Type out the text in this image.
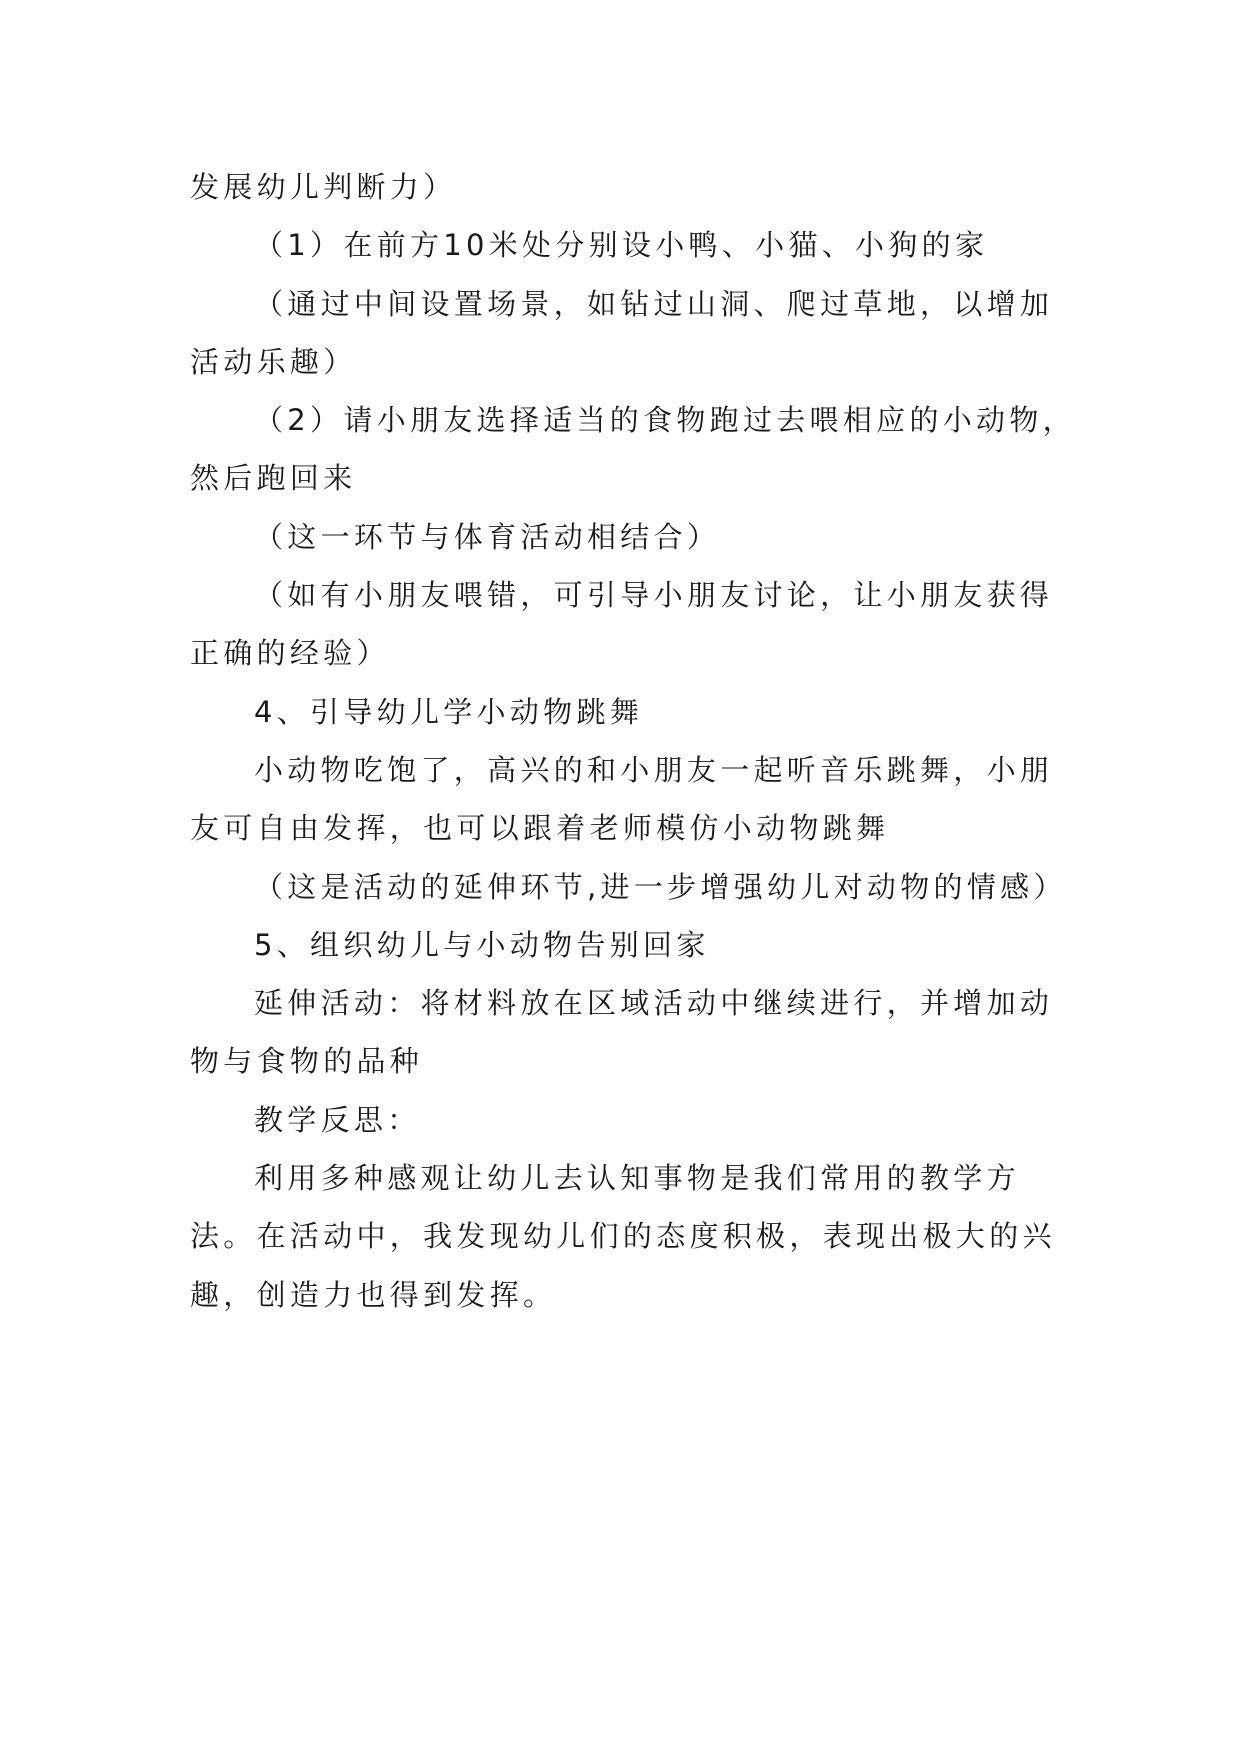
发展幼儿判断力）
（1）在前方10米处分别设小鸭、小猫、小狗的家
（通过中间设置场景，如钻过山洞、爬过草地，以增加
活动乐趣）
（2）请小朋友选择适当的食物跑过去喂相应的小动物，
然后跑回来
（这一环节与体育活动相结合）
（如有小朋友喂错，可引导小朋友讨论，让小朋友获得
正确的经验）
4、引导幼儿学小动物跳舞
小动物吃饱了，高兴的和小朋友一起听音乐跳舞，小朋
友可自由发挥，也可以跟着老师模仿小动物跳舞
（这是活动的延伸环节,进一步增强幼儿对动物的情感）
5、组织幼儿与小动物告别回家
延伸活动：将材料放在区域活动中继续进行，并增加动
物与食物的品种
教学反思：
利用多种感观让幼儿去认知事物是我们常用的教学方
法。在活动中，我发现幼儿们的态度积极，表现出极大的兴
趣，创造力也得到发挥。
